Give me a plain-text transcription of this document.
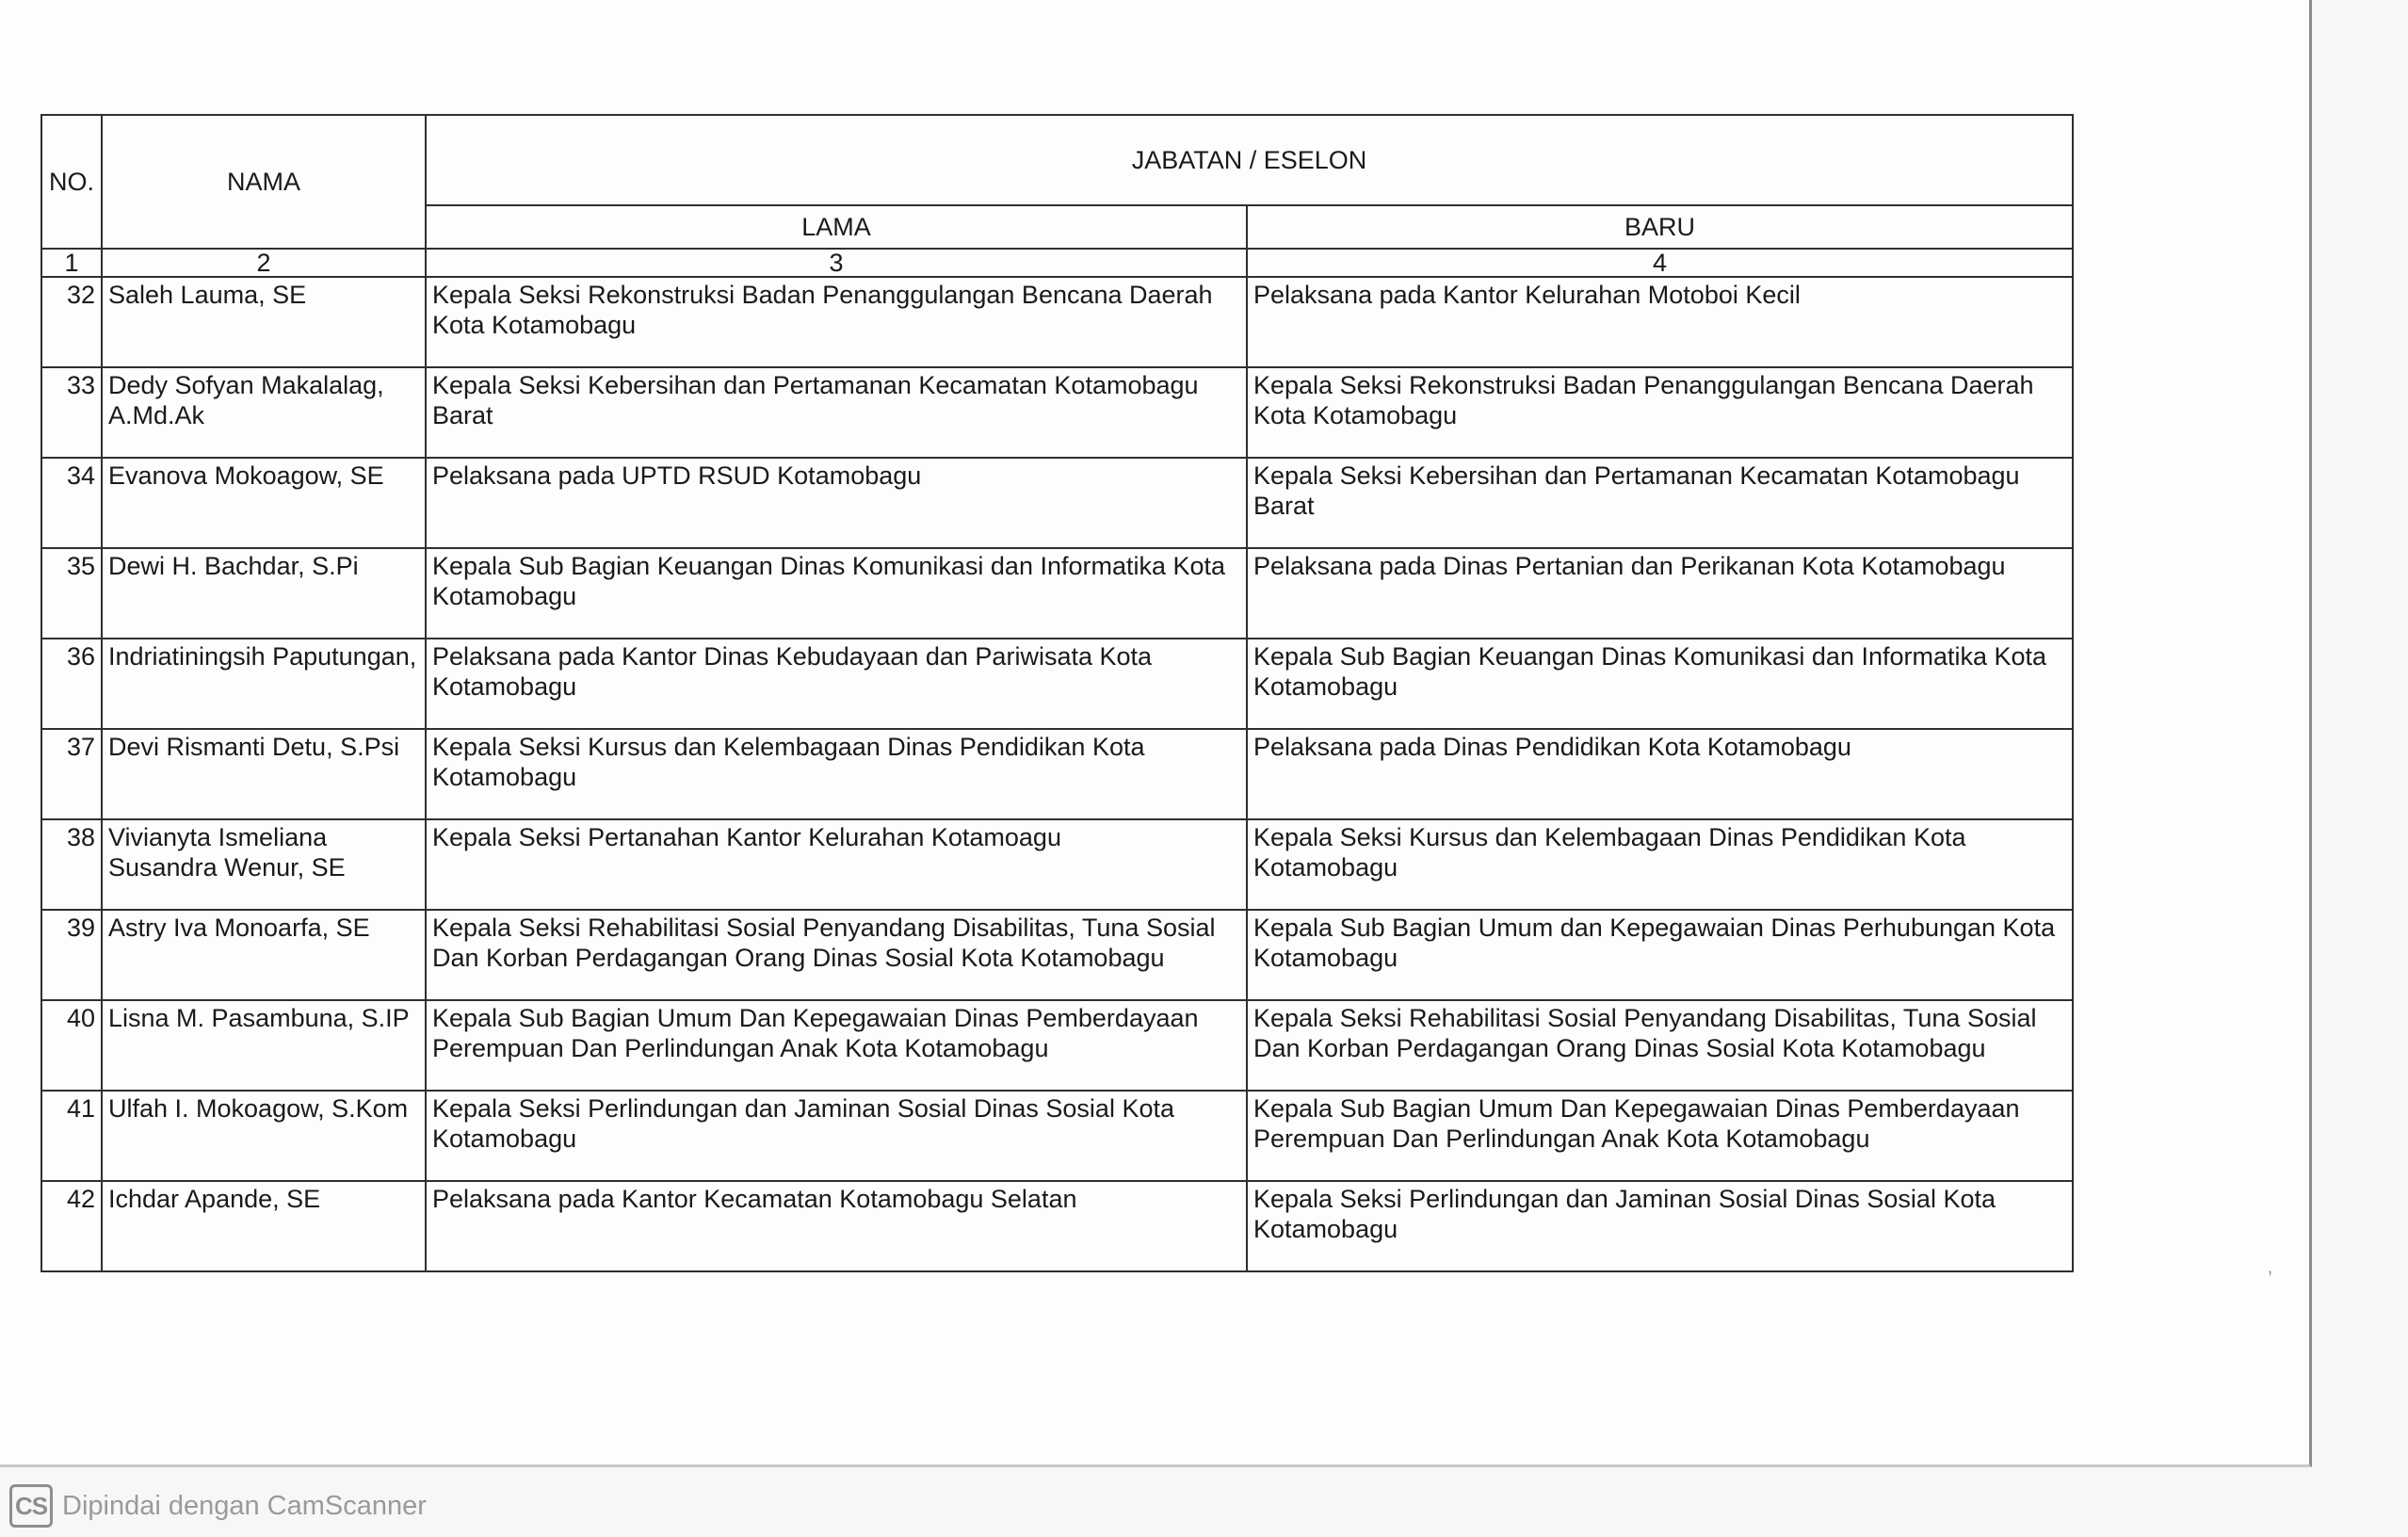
NO.	NAMA	JABATAN / ESELON	
		LAMA	BARU
1	2	3	4
32	Saleh Lauma, SE	Kepala Seksi Rekonstruksi Badan Penanggulangan Bencana Daerah Kota Kotamobagu	Pelaksana pada Kantor Kelurahan Motoboi Kecil
33	Dedy Sofyan Makalalag, A.Md.Ak	Kepala Seksi Kebersihan dan Pertamanan Kecamatan Kotamobagu Barat	Kepala Seksi Rekonstruksi Badan Penanggulangan Bencana Daerah Kota Kotamobagu
34	Evanova Mokoagow, SE	Pelaksana pada UPTD RSUD Kotamobagu	Kepala Seksi Kebersihan dan Pertamanan Kecamatan Kotamobagu Barat
35	Dewi H. Bachdar, S.Pi	Kepala Sub Bagian Keuangan Dinas Komunikasi dan Informatika Kota Kotamobagu	Pelaksana pada Dinas Pertanian dan Perikanan Kota Kotamobagu
36	Indriatiningsih Paputungan,	Pelaksana pada Kantor Dinas Kebudayaan dan Pariwisata Kota Kotamobagu	Kepala Sub Bagian Keuangan Dinas Komunikasi dan Informatika Kota Kotamobagu
37	Devi Rismanti Detu, S.Psi	Kepala Seksi Kursus dan Kelembagaan Dinas Pendidikan Kota Kotamobagu	Pelaksana pada Dinas Pendidikan Kota Kotamobagu
38	Vivianyta Ismeliana Susandra Wenur, SE	Kepala Seksi Pertanahan Kantor Kelurahan Kotamoagu	Kepala Seksi Kursus dan Kelembagaan Dinas Pendidikan Kota Kotamobagu
39	Astry Iva Monoarfa, SE	Kepala Seksi Rehabilitasi Sosial Penyandang Disabilitas, Tuna Sosial Dan Korban Perdagangan Orang Dinas Sosial Kota Kotamobagu	Kepala Sub Bagian Umum dan Kepegawaian Dinas Perhubungan Kota Kotamobagu
40	Lisna M. Pasambuna, S.IP	Kepala Sub Bagian Umum Dan Kepegawaian Dinas Pemberdayaan Perempuan Dan Perlindungan Anak Kota Kotamobagu	Kepala Seksi Rehabilitasi Sosial Penyandang Disabilitas, Tuna Sosial Dan Korban Perdagangan Orang Dinas Sosial Kota Kotamobagu
41	Ulfah I. Mokoagow, S.Kom	Kepala Seksi Perlindungan dan Jaminan Sosial Dinas Sosial Kota Kotamobagu	Kepala Sub Bagian Umum Dan Kepegawaian Dinas Pemberdayaan Perempuan Dan Perlindungan Anak Kota Kotamobagu
42	Ichdar Apande, SE	Pelaksana pada Kantor Kecamatan Kotamobagu Selatan	Kepala Seksi Perlindungan dan Jaminan Sosial Dinas Sosial Kota Kotamobagu
’
CS Dipindai dengan CamScanner
